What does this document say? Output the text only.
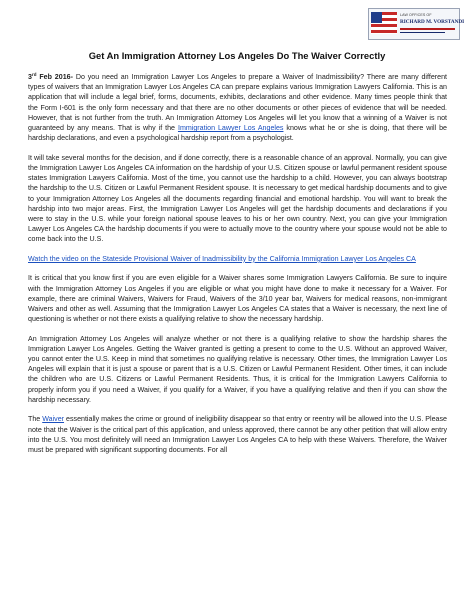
LAW OFFICES OF
RICHARD M. VORSTANDI
Get An Immigration Attorney Los Angeles Do The Waiver Correctly

3rd Feb 2016- Do you need an Immigration Lawyer Los Angeles to prepare a Waiver of Inadmissibility? There are many different types of waivers that an Immigration Lawyer Los Angeles CA can prepare explains various Immigration Lawyers California. This is an application that will include a legal brief, forms, documents, exhibits, declarations and other evidence. Many times people think that the Form I-601 is the only form necessary and that there are no other documents or other pieces of evidence that will be needed. However, that is not further from the truth. An Immigration Attorney Los Angeles will let you know that a winning of a Waiver is not guaranteed by any means. That is why if the Immigration Lawyer Los Angeles knows what he or she is doing, that there will be hardship declarations, and even a psychological hardship report from a psychologist.

It will take several months for the decision, and if done correctly, there is a reasonable chance of an approval. Normally, you can give the Immigration Lawyer Los Angeles CA information on the hardship of your U.S. Citizen spouse or lawful permanent resident spouse states Immigration Lawyers California. Most of the time, you cannot use the hardship to a child. However, you can always bootstrap the hardship to the U.S. Citizen or Lawful Permanent Resident spouse. It is necessary to get medical hardship documents and to give to your Immigration Attorney Los Angeles all the documents regarding financial and emotional hardship. You will want to break the hardship into two major areas. First, the Immigration Lawyer Los Angeles will get the hardship documents and declarations if you were to stay in the U.S. while your foreign national spouse leaves to his or her own country. Next, you can give your Immigration Lawyer Los Angeles CA the hardship documents if you were to actually move to the country where your spouse would not be able to come back into the U.S.

Watch the video on the Stateside Provisional Waiver of Inadmissibility by the California Immigration Lawyer Los Angeles CA

It is critical that you know first if you are even eligible for a Waiver shares some Immigration Lawyers California. Be sure to inquire with the Immigration Attorney Los Angeles if you are eligible or what you might have done to make it necessary for a Waiver. For example, there are criminal Waivers, Waivers for Fraud, Waivers of the 3/10 year bar, Waivers for medical reasons, non-immigrant Waivers and other as well. Assuming that the Immigration Lawyer Los Angeles CA states that a Waiver is necessary, the next line of questioning is whether or not there exists a qualifying relative to show the necessary hardship.

An Immigration Attorney Los Angeles will analyze whether or not there is a qualifying relative to show the hardship shares the Immigration Lawyer Los Angeles. Getting the Waiver granted is getting a present to come to the U.S. Without an approved Waiver, you cannot enter the U.S. Keep in mind that sometimes no qualifying relative is necessary. Other times, the Immigration Lawyer Los Angeles will explain that it is just a spouse or parent that is a U.S. Citizen or Lawful Permanent Resident. Other times, it can include the children who are U.S. Citizens or Lawful Permanent Residents. Thus, it is critical for the Immigration Lawyers California to properly inform you if you need a Waiver, if you qualify for a Waiver, if you have a qualifying relative and then if you can show the hardship necessary.

The Waiver essentially makes the crime or ground of ineligibility disappear so that entry or reentry will be allowed into the U.S. Please note that the Waiver is the critical part of this application, and unless approved, there cannot be any other petition that will allow entry into the U.S. You most definitely will need an Immigration Lawyer Los Angeles CA to help with these Waivers. Therefore, the Waiver must be prepared with significant supporting documents. For all
